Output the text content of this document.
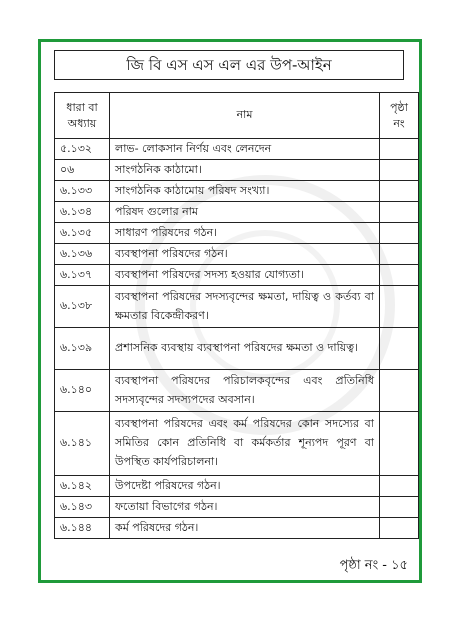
জি বি এস এস এল এর উপ-আইন
ধারা বা অধ্যায়	নাম	পৃষ্ঠা নং
৫.১৩২	লাভ- লোকসান নির্ণয় এবং লেনদেন	
০৬	সাংগঠনিক কাঠামো।	
৬.১৩৩	সাংগঠনিক কাঠামোয় পরিষদ সংখ্যা।	
৬.১৩৪	পরিষদ গুলোর নাম	
৬.১৩৫	সাধারণ পরিষদের গঠন।	
৬.১৩৬	ব্যবস্থাপনা পরিষদের গঠন।	
৬.১৩৭	ব্যবস্থাপনা পরিষদের সদস্য হওয়ার যোগ্যতা।	
৬.১৩৮	ব্যবস্থাপনা পরিষদের সদস্যবৃন্দের ক্ষমতা, দায়িত্ব ও কর্তব্য বা ক্ষমতার বিকেন্দ্রীকরণ।	
৬.১৩৯	প্রশাসনিক ব্যবস্থায় ব্যবস্থাপনা পরিষদের ক্ষমতা ও দায়িত্ব।	
৬.১৪০	ব্যবস্থাপনা পরিষদের পরিচালকবৃন্দের এবং প্রতিনিধি সদস্যবৃন্দের সদস্যপদের অবসান।	
৬.১৪১	ব্যবস্থাপনা পরিষদের এবং কর্ম পরিষদের কোন সদস্যের বা সমিতির কোন প্রতিনিধি বা কর্মকর্তার শূন্যপদ পূরণ বা উপস্থিত কার্যপরিচালনা।	
৬.১৪২	উপদেষ্টা পরিষদের গঠন।	
৬.১৪৩	ফতোয়া বিভাগের গঠন।	
৬.১৪৪	কর্ম পরিষদের গঠন।	
পৃষ্ঠা নং - ১৫
